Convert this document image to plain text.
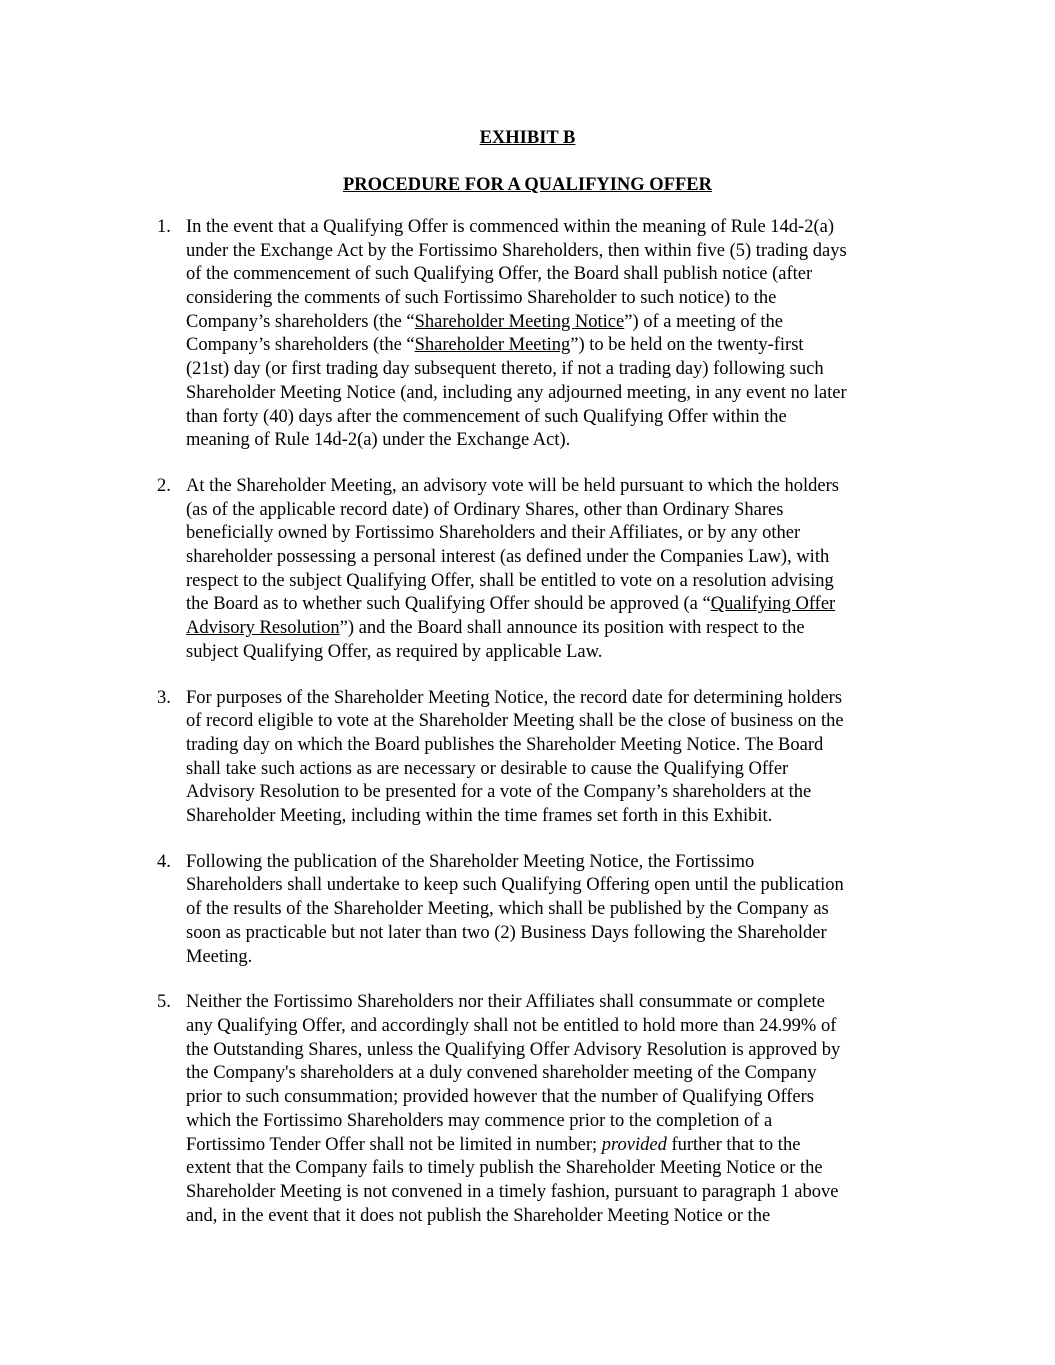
EXHIBIT B
PROCEDURE FOR A QUALIFYING OFFER
1. In the event that a Qualifying Offer is commenced within the meaning of Rule 14d-2(a)
under the Exchange Act by the Fortissimo Shareholders, then within five (5) trading days
of the commencement of such Qualifying Offer, the Board shall publish notice (after
considering the comments of such Fortissimo Shareholder to such notice) to the
Company’s shareholders (the “Shareholder Meeting Notice”) of a meeting of the
Company’s shareholders (the “Shareholder Meeting”) to be held on the twenty-first
(21st) day (or first trading day subsequent thereto, if not a trading day) following such
Shareholder Meeting Notice (and, including any adjourned meeting, in any event no later
than forty (40) days after the commencement of such Qualifying Offer within the
meaning of Rule 14d-2(a) under the Exchange Act).
2. At the Shareholder Meeting, an advisory vote will be held pursuant to which the holders
(as of the applicable record date) of Ordinary Shares, other than Ordinary Shares
beneficially owned by Fortissimo Shareholders and their Affiliates, or by any other
shareholder possessing a personal interest (as defined under the Companies Law), with
respect to the subject Qualifying Offer, shall be entitled to vote on a resolution advising
the Board as to whether such Qualifying Offer should be approved (a “Qualifying Offer
Advisory Resolution”) and the Board shall announce its position with respect to the
subject Qualifying Offer, as required by applicable Law.
3. For purposes of the Shareholder Meeting Notice, the record date for determining holders
of record eligible to vote at the Shareholder Meeting shall be the close of business on the
trading day on which the Board publishes the Shareholder Meeting Notice. The Board
shall take such actions as are necessary or desirable to cause the Qualifying Offer
Advisory Resolution to be presented for a vote of the Company’s shareholders at the
Shareholder Meeting, including within the time frames set forth in this Exhibit.
4. Following the publication of the Shareholder Meeting Notice, the Fortissimo
Shareholders shall undertake to keep such Qualifying Offering open until the publication
of the results of the Shareholder Meeting, which shall be published by the Company as
soon as practicable but not later than two (2) Business Days following the Shareholder
Meeting.
5. Neither the Fortissimo Shareholders nor their Affiliates shall consummate or complete
any Qualifying Offer, and accordingly shall not be entitled to hold more than 24.99% of
the Outstanding Shares, unless the Qualifying Offer Advisory Resolution is approved by
the Company's shareholders at a duly convened shareholder meeting of the Company
prior to such consummation; provided however that the number of Qualifying Offers
which the Fortissimo Shareholders may commence prior to the completion of a
Fortissimo Tender Offer shall not be limited in number; provided further that to the
extent that the Company fails to timely publish the Shareholder Meeting Notice or the
Shareholder Meeting is not convened in a timely fashion, pursuant to paragraph 1 above
and, in the event that it does not publish the Shareholder Meeting Notice or the
